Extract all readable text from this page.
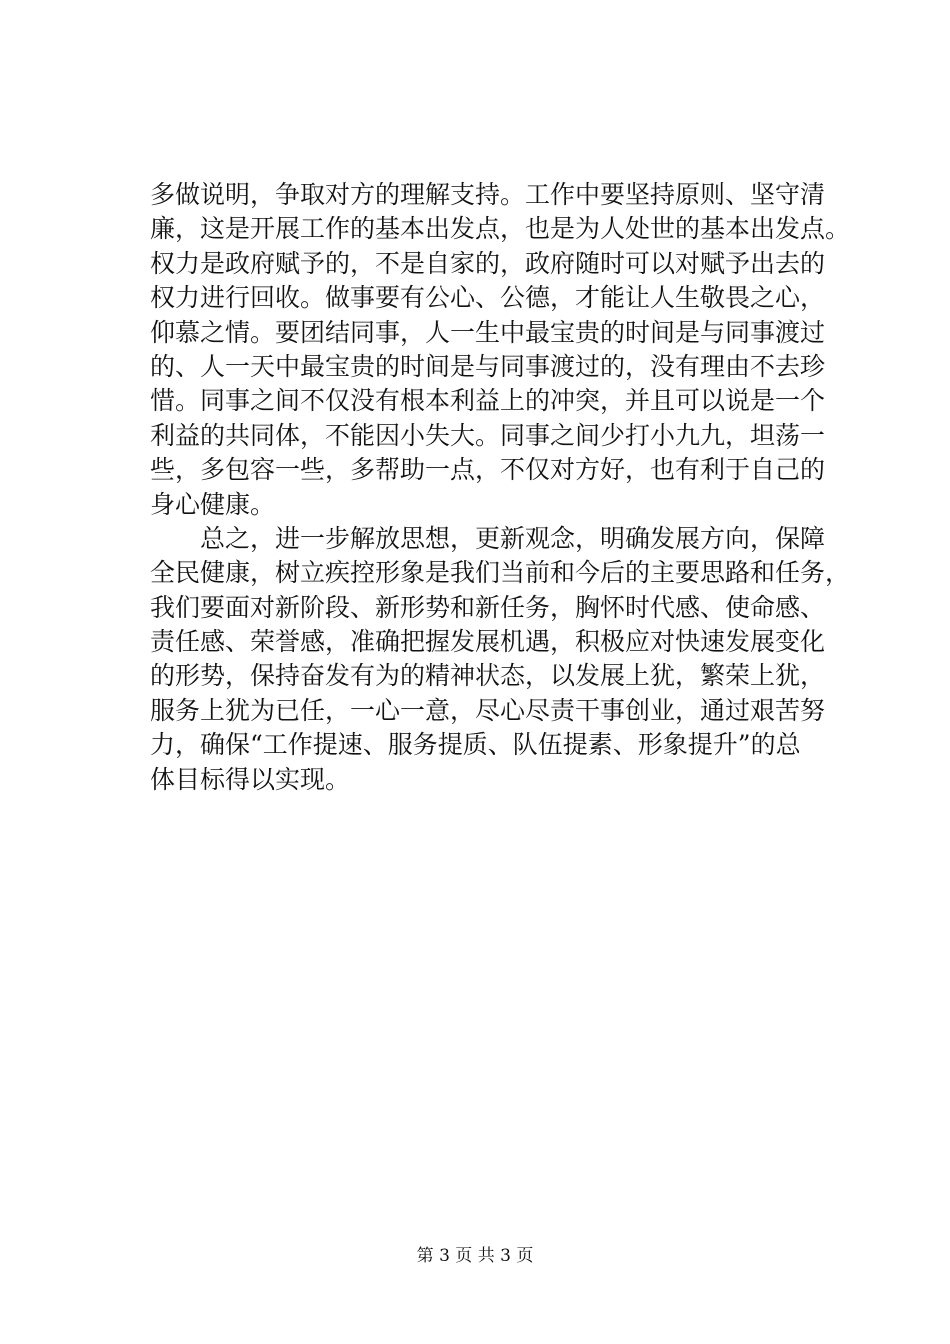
多做说明，争取对方的理解支持。工作中要坚持原则、坚守清
廉，这是开展工作的基本出发点，也是为人处世的基本出发点。
权力是政府赋予的，不是自家的，政府随时可以对赋予出去的
权力进行回收。做事要有公心、公德，才能让人生敬畏之心，
仰慕之情。要团结同事，人一生中最宝贵的时间是与同事渡过
的、人一天中最宝贵的时间是与同事渡过的，没有理由不去珍
惜。同事之间不仅没有根本利益上的冲突，并且可以说是一个
利益的共同体，不能因小失大。同事之间少打小九九，坦荡一
些，多包容一些，多帮助一点，不仅对方好，也有利于自己的
身心健康。
　　总之，进一步解放思想，更新观念，明确发展方向，保障
全民健康，树立疾控形象是我们当前和今后的主要思路和任务，
我们要面对新阶段、新形势和新任务，胸怀时代感、使命感、
责任感、荣誉感，准确把握发展机遇，积极应对快速发展变化
的形势，保持奋发有为的精神状态，以发展上犹，繁荣上犹，
服务上犹为已任，一心一意，尽心尽责干事创业，通过艰苦努
力，确保“工作提速、服务提质、队伍提素、形象提升”的总
体目标得以实现。
第 3 页 共 3 页
